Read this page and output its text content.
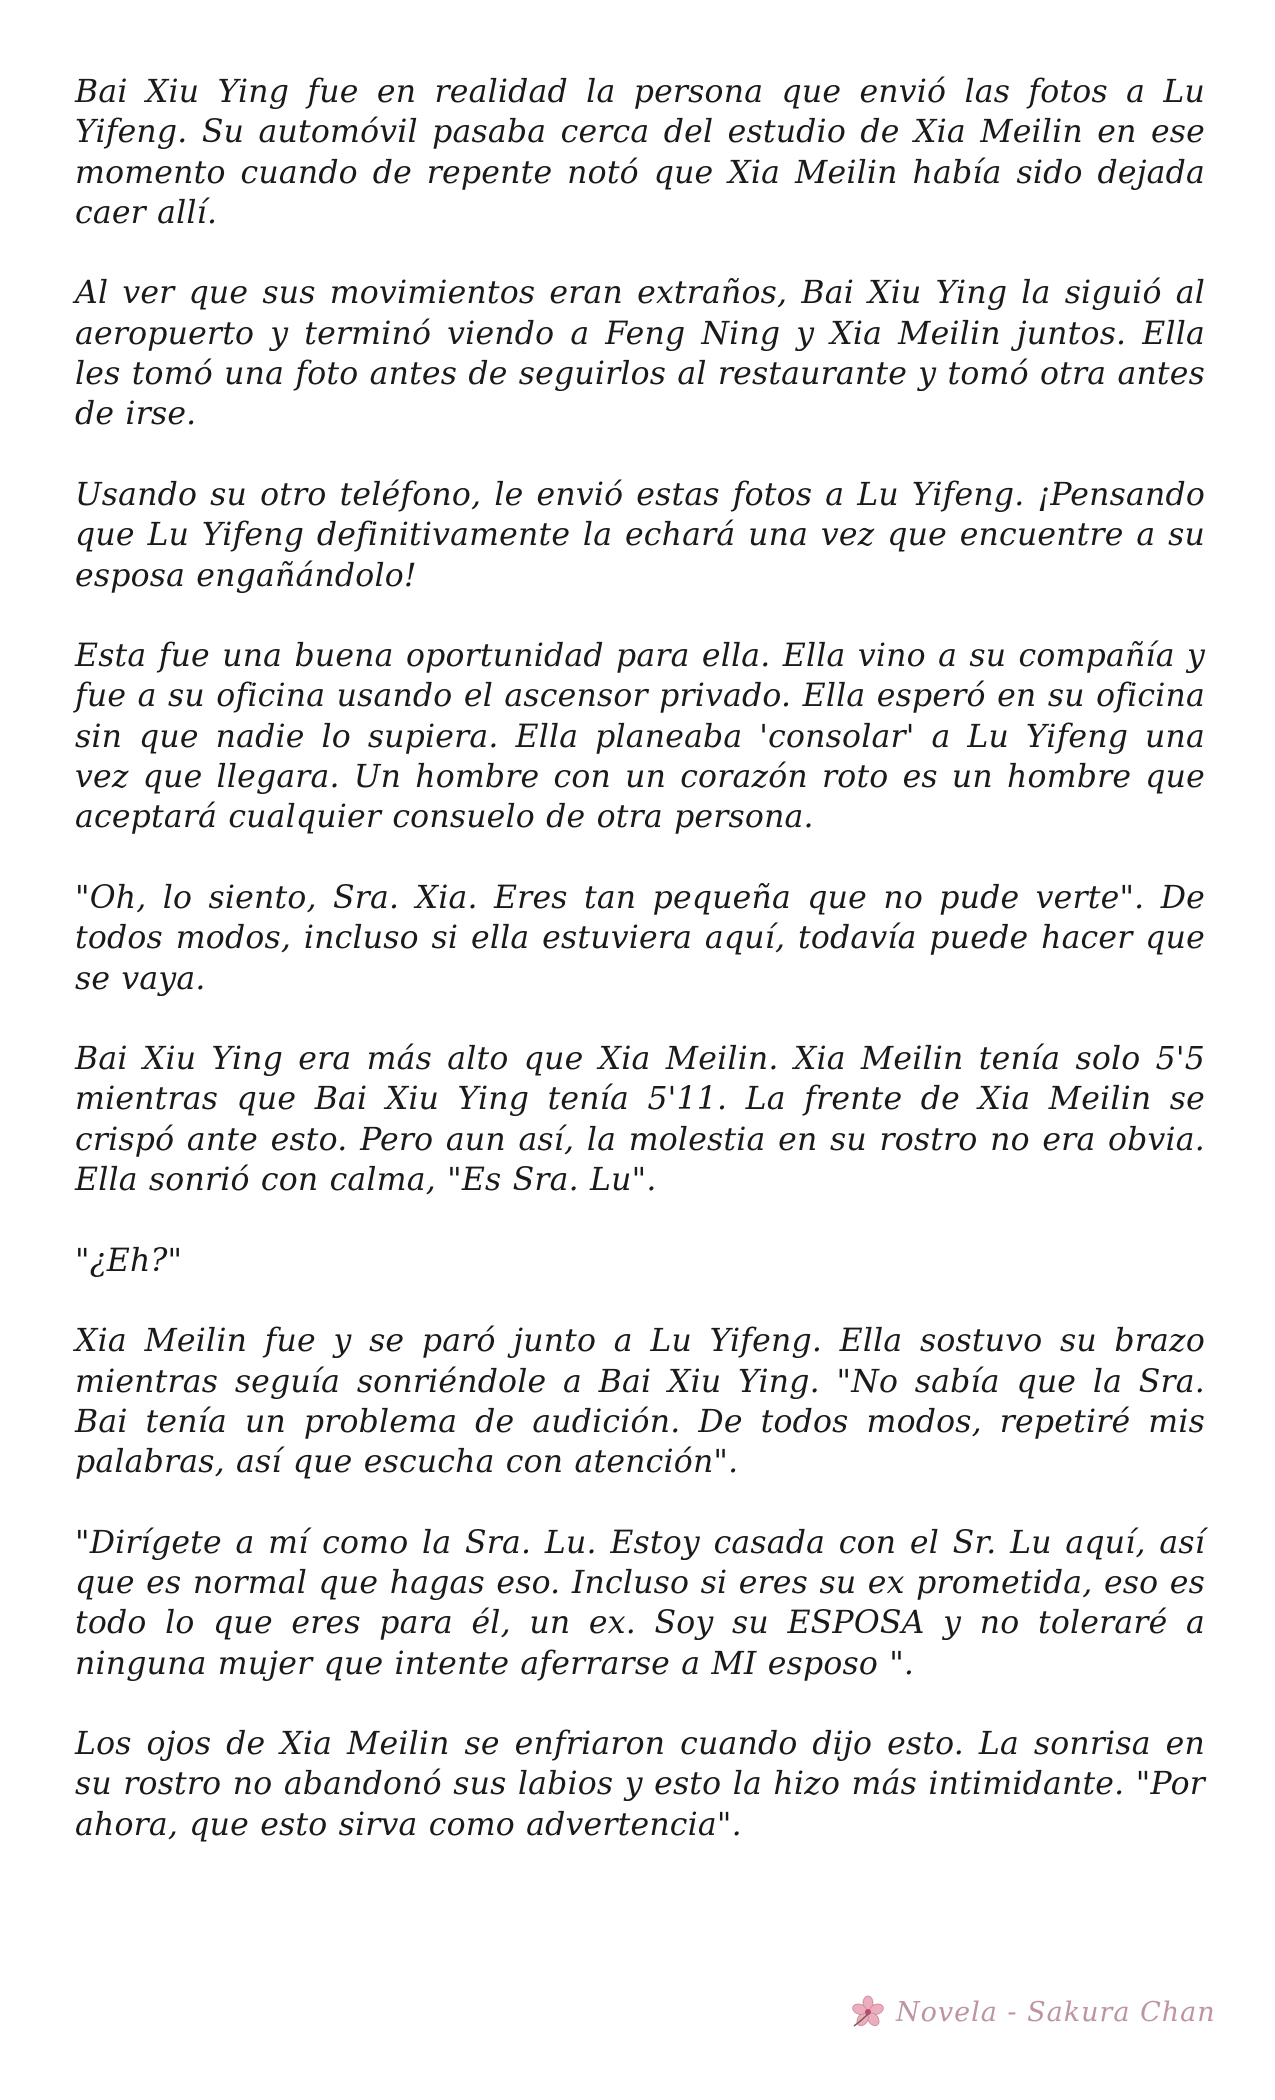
Bai Xiu Ying fue en realidad la persona que envió las fotos a Lu Yifeng. Su automóvil pasaba cerca del estudio de Xia Meilin en ese momento cuando de repente notó que Xia Meilin había sido dejada caer allí.

Al ver que sus movimientos eran extraños, Bai Xiu Ying la siguió al aeropuerto y terminó viendo a Feng Ning y Xia Meilin juntos. Ella les tomó una foto antes de seguirlos al restaurante y tomó otra antes de irse.

Usando su otro teléfono, le envió estas fotos a Lu Yifeng. ¡Pensando que Lu Yifeng definitivamente la echará una vez que encuentre a su esposa engañándolo!

Esta fue una buena oportunidad para ella. Ella vino a su compañía y fue a su oficina usando el ascensor privado. Ella esperó en su oficina sin que nadie lo supiera. Ella planeaba 'consolar' a Lu Yifeng una vez que llegara. Un hombre con un corazón roto es un hombre que aceptará cualquier consuelo de otra persona.

"Oh, lo siento, Sra. Xia. Eres tan pequeña que no pude verte". De todos modos, incluso si ella estuviera aquí, todavía puede hacer que se vaya.

Bai Xiu Ying era más alto que Xia Meilin. Xia Meilin tenía solo 5'5 mientras que Bai Xiu Ying tenía 5'11. La frente de Xia Meilin se crispó ante esto. Pero aun así, la molestia en su rostro no era obvia. Ella sonrió con calma, "Es Sra. Lu".

"¿Eh?"

Xia Meilin fue y se paró junto a Lu Yifeng. Ella sostuvo su brazo mientras seguía sonriéndole a Bai Xiu Ying. "No sabía que la Sra. Bai tenía un problema de audición. De todos modos, repetiré mis palabras, así que escucha con atención".

"Dirígete a mí como la Sra. Lu. Estoy casada con el Sr. Lu aquí, así que es normal que hagas eso. Incluso si eres su ex prometida, eso es todo lo que eres para él, un ex. Soy su ESPOSA y no toleraré a ninguna mujer que intente aferrarse a MI esposo ".

Los ojos de Xia Meilin se enfriaron cuando dijo esto. La sonrisa en su rostro no abandonó sus labios y esto la hizo más intimidante. "Por ahora, que esto sirva como advertencia".

Novela - Sakura Chan
